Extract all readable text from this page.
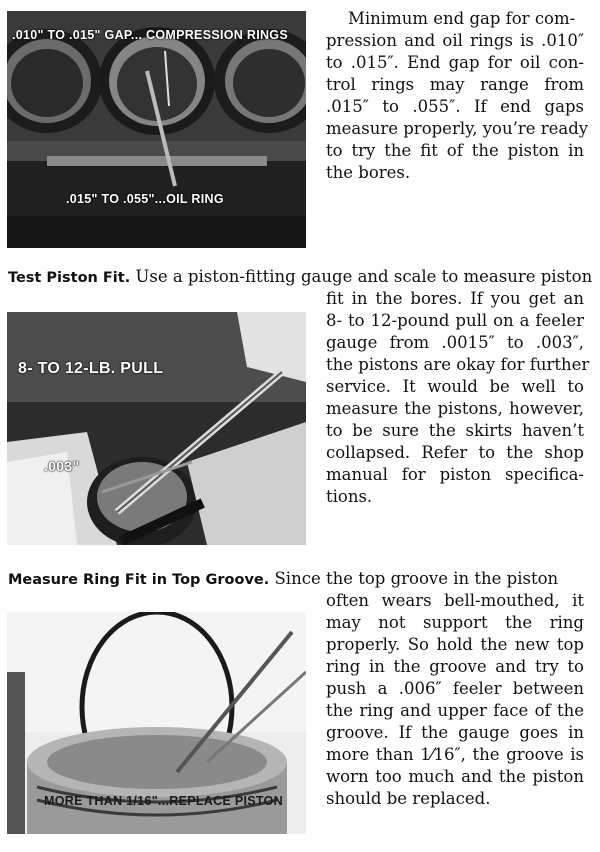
.010" TO .015" GAP... COMPRESSION RINGS
.015" TO .055"...OIL RING
Minimum end gap for com-
pression and oil rings is .010″
to .015″. End gap for oil con-
trol rings may range from
.015″ to .055″. If end gaps
measure properly, you’re ready
to try the fit of the piston in
the bores.
Test Piston Fit. Use a piston-fitting gauge and scale to measure piston
8- TO 12-LB. PULL
.003"
fit in the bores. If you get an
8- to 12-pound pull on a feeler
gauge from .0015″ to .003″,
the pistons are okay for further
service. It would be well to
measure the pistons, however,
to be sure the skirts haven’t
collapsed. Refer to the shop
manual for piston specifica-
tions.
Measure Ring Fit in Top Groove. Since the top groove in the piston
MORE THAN 1/16"...REPLACE PISTON
often wears bell-mouthed, it
may not support the ring
properly. So hold the new top
ring in the groove and try to
push a .006″ feeler between
the ring and upper face of the
groove. If the gauge goes in
more than 1⁄16″, the groove is
worn too much and the piston
should be replaced.
